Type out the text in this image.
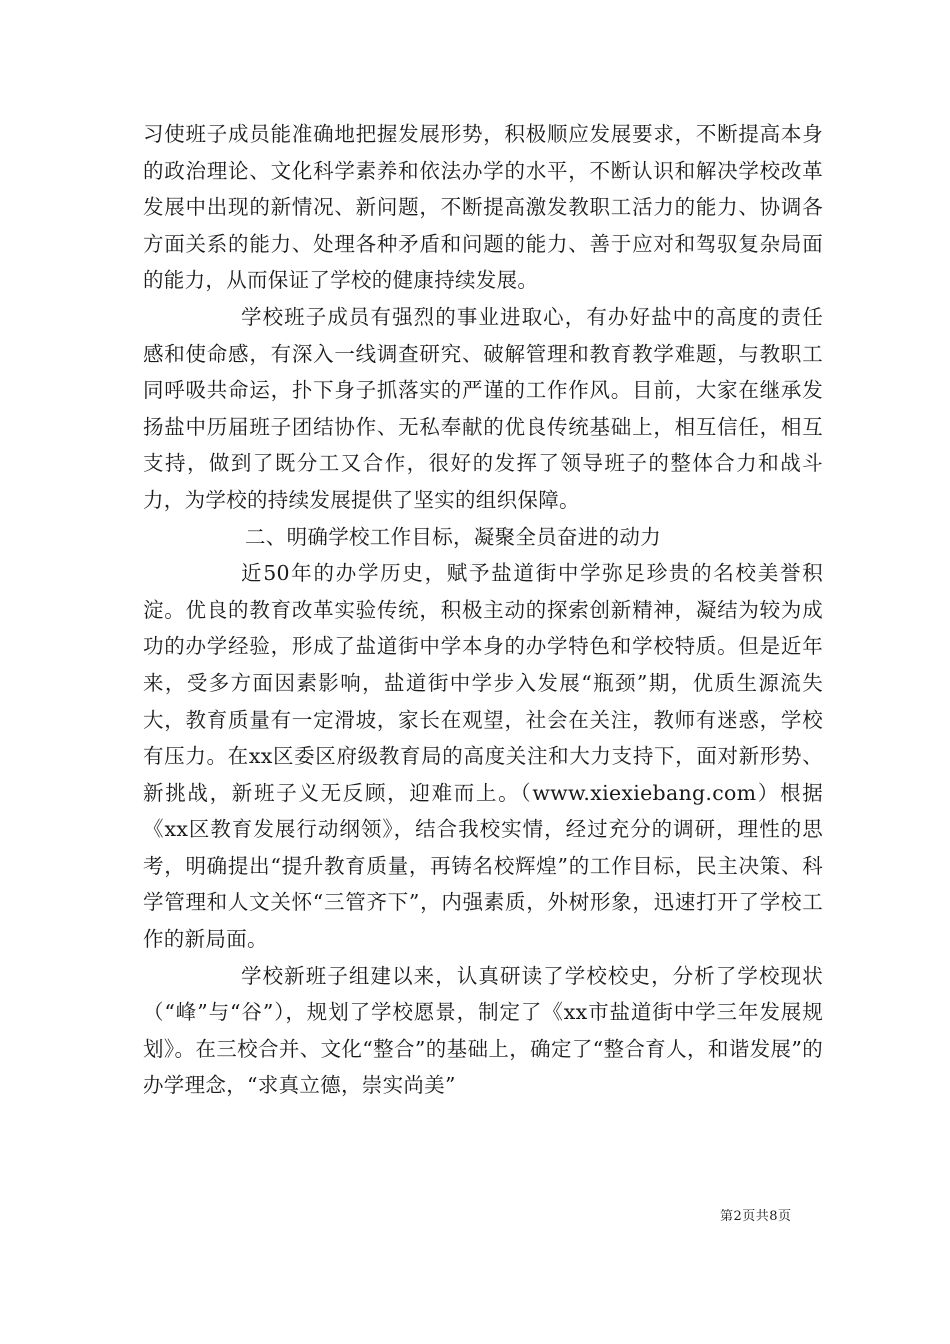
习使班子成员能准确地把握发展形势，积极顺应发展要求，不断提高本身的政治理论、文化科学素养和依法办学的水平，不断认识和解决学校改革发展中出现的新情况、新问题，不断提高激发教职工活力的能力、协调各方面关系的能力、处理各种矛盾和问题的能力、善于应对和驾驭复杂局面的能力，从而保证了学校的健康持续发展。

学校班子成员有强烈的事业进取心，有办好盐中的高度的责任感和使命感，有深入一线调查研究、破解管理和教育教学难题，与教职工同呼吸共命运，扑下身子抓落实的严谨的工作作风。目前，大家在继承发扬盐中历届班子团结协作、无私奉献的优良传统基础上，相互信任，相互支持，做到了既分工又合作，很好的发挥了领导班子的整体合力和战斗力，为学校的持续发展提供了坚实的组织保障。

二、明确学校工作目标，凝聚全员奋进的动力

近50年的办学历史，赋予盐道街中学弥足珍贵的名校美誉积淀。优良的教育改革实验传统，积极主动的探索创新精神，凝结为较为成功的办学经验，形成了盐道街中学本身的办学特色和学校特质。但是近年来，受多方面因素影响，盐道街中学步入发展“瓶颈”期，优质生源流失大，教育质量有一定滑坡，家长在观望，社会在关注，教师有迷惑，学校有压力。在xx区委区府级教育局的高度关注和大力支持下，面对新形势、新挑战，新班子义无反顾，迎难而上。（www.xiexiebang.com）根据《xx区教育发展行动纲领》，结合我校实情，经过充分的调研，理性的思考，明确提出“提升教育质量，再铸名校辉煌”的工作目标，民主决策、科学管理和人文关怀“三管齐下”，内强素质，外树形象，迅速打开了学校工作的新局面。

学校新班子组建以来，认真研读了学校校史，分析了学校现状（“峰”与“谷”），规划了学校愿景，制定了《xx市盐道街中学三年发展规划》。在三校合并、文化“整合”的基础上，确定了“整合育人，和谐发展”的办学理念，“求真立德，崇实尚美”

第2页共8页
